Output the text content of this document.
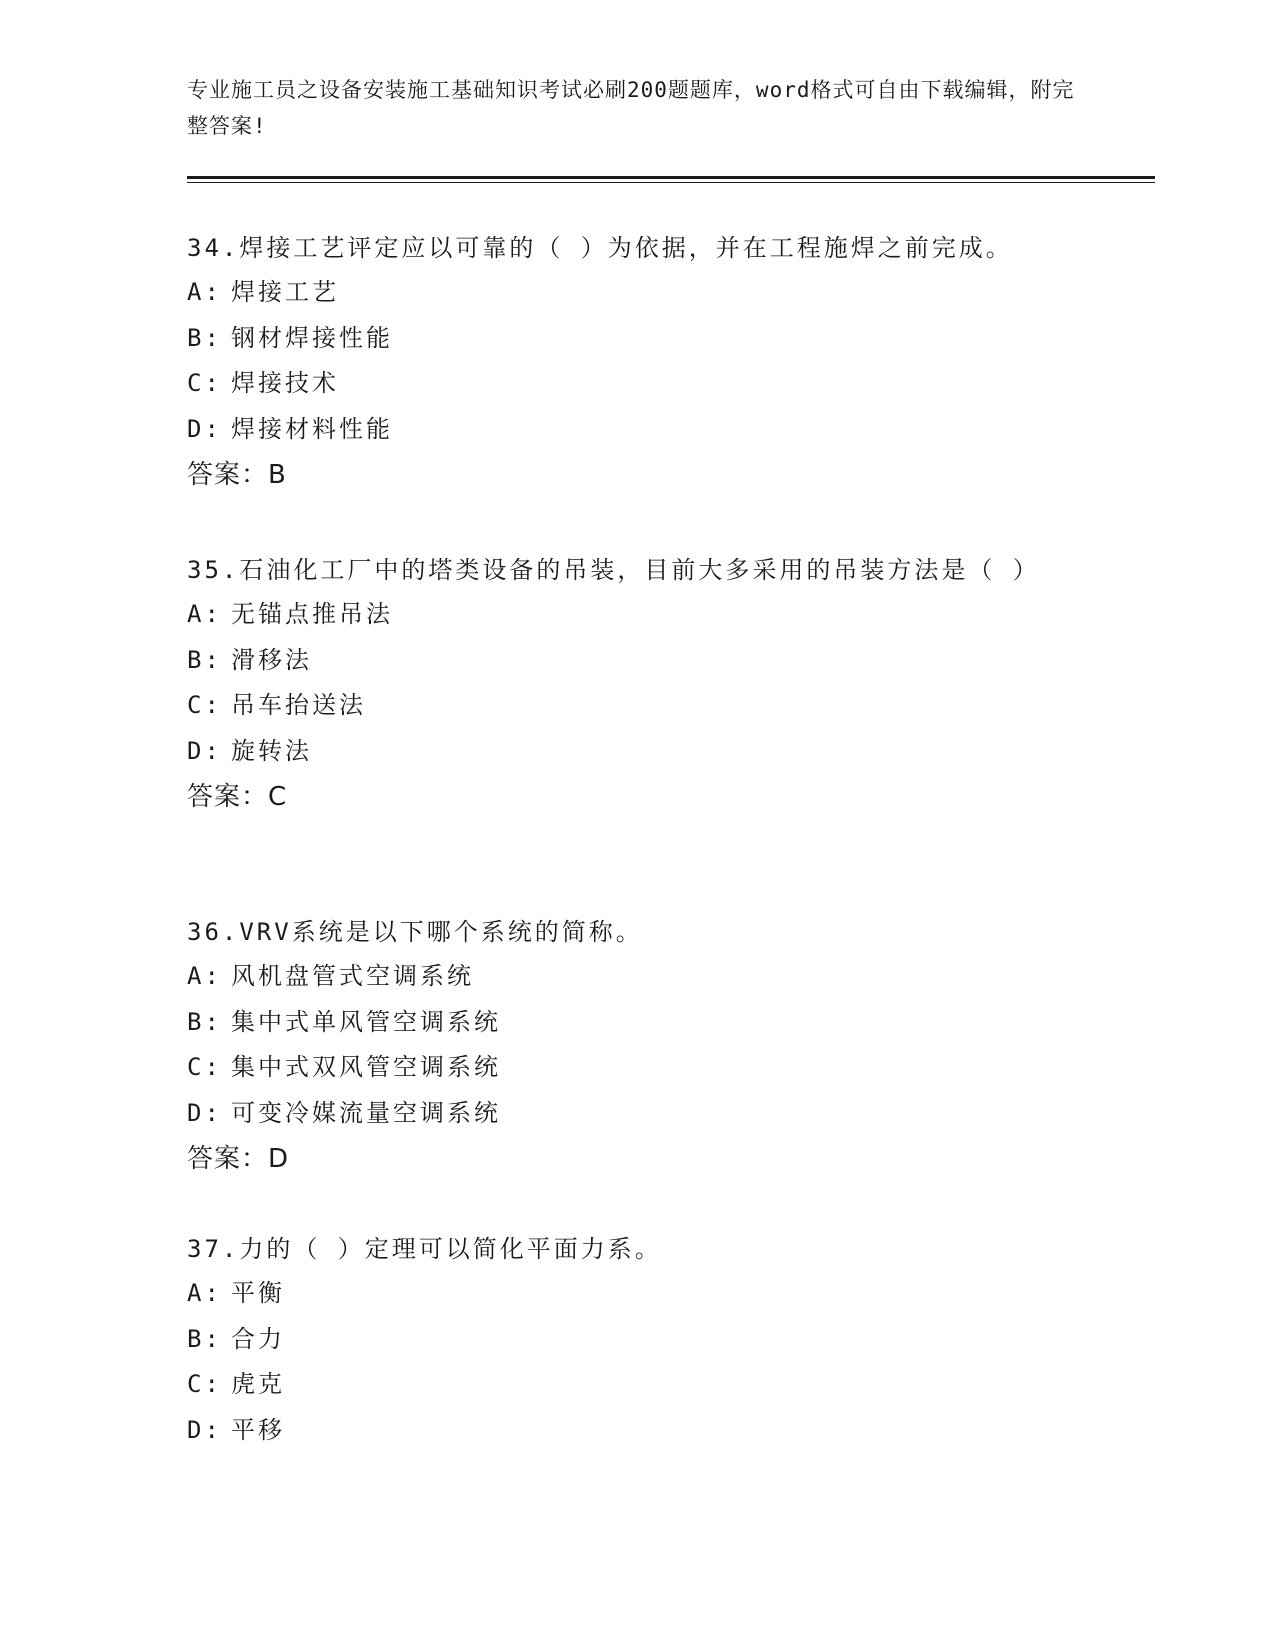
专业施工员之设备安装施工基础知识考试必刷200题题库，word格式可自由下载编辑，附完整答案!
34.焊接工艺评定应以可靠的（ ）为依据，并在工程施焊之前完成。
A: 焊接工艺
B: 钢材焊接性能
C: 焊接技术
D: 焊接材料性能
答案：B
35.石油化工厂中的塔类设备的吊装，目前大多采用的吊装方法是（ ）
A: 无锚点推吊法
B: 滑移法
C: 吊车抬送法
D: 旋转法
答案：C
36.VRV系统是以下哪个系统的简称。
A: 风机盘管式空调系统
B: 集中式单风管空调系统
C: 集中式双风管空调系统
D: 可变冷媒流量空调系统
答案：D
37.力的（ ）定理可以简化平面力系。
A: 平衡
B: 合力
C: 虎克
D: 平移
